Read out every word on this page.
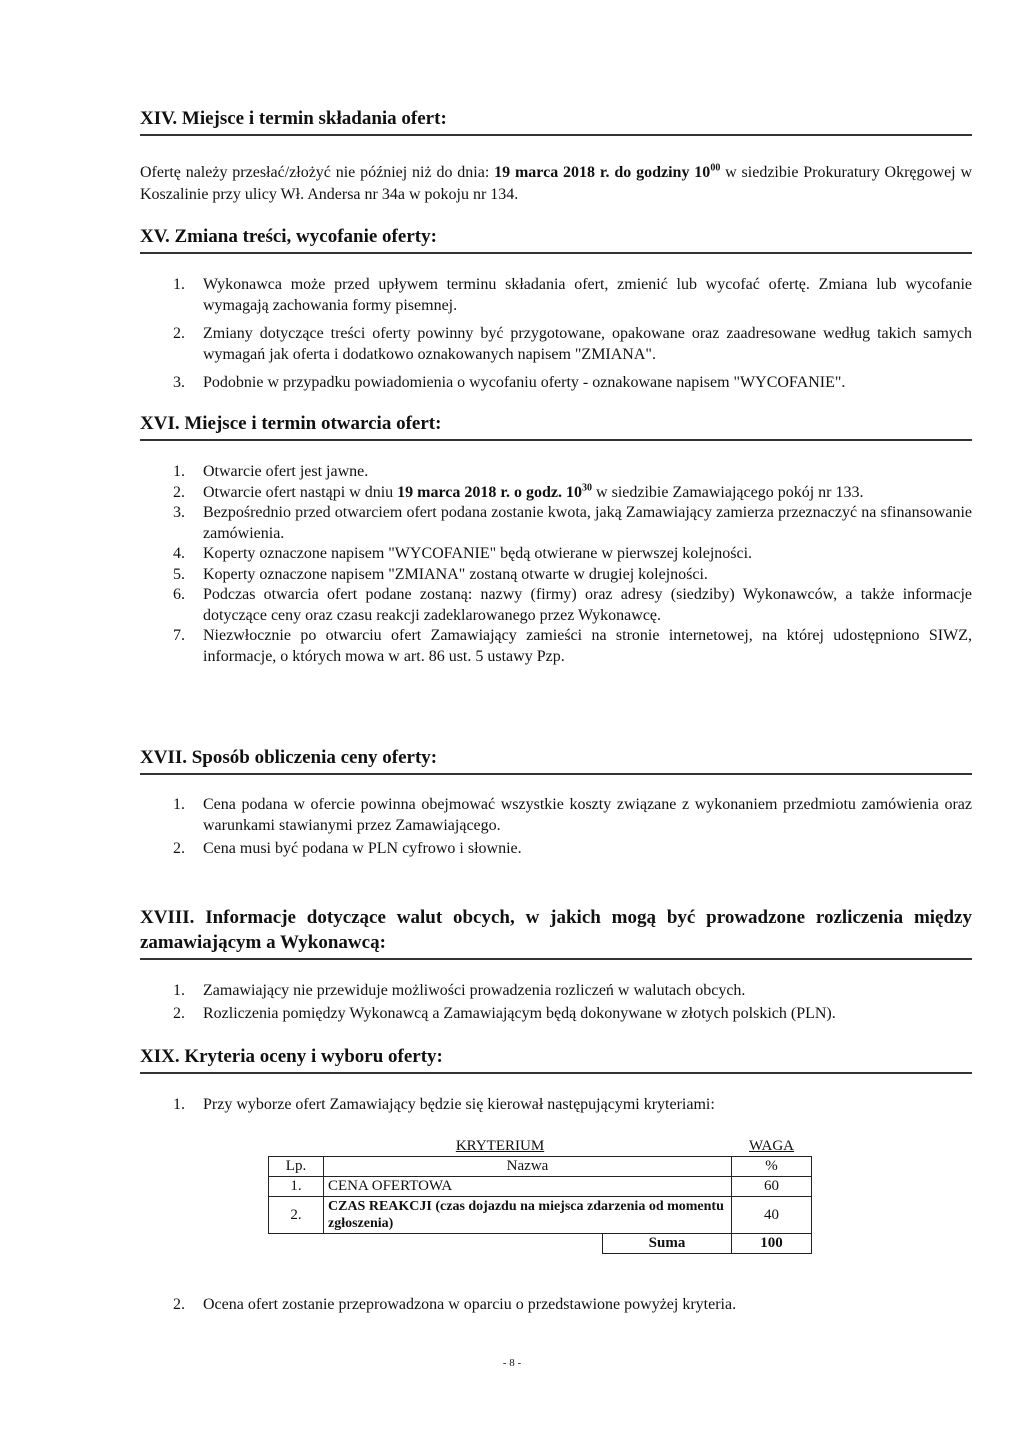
XIV. Miejsce i termin składania ofert:

Ofertę należy przesłać/złożyć nie później niż do dnia: 19 marca 2018 r. do godziny $10^{00}$ w siedzibie Prokuratury Okręgowej w Koszalinie przy ulicy Wł. Andersa nr 34a w pokoju nr 134.

XV. Zmiana treści, wycofanie oferty:
1. Wykonawca może przed upływem terminu składania ofert, zmienić lub wycofać ofertę. Zmiana lub wycofanie wymagają zachowania formy pisemnej.
2. Zmiany dotyczące treści oferty powinny być przygotowane, opakowane oraz zaadresowane według takich samych wymagań jak oferta i dodatkowo oznakowanych napisem "ZMIANA".
3. Podobnie w przypadku powiadomienia o wycofaniu oferty - oznakowane napisem "WYCOFANIE".
XVI. Miejsce i termin otwarcia ofert:
1. Otwarcie ofert jest jawne.
2. Otwarcie ofert nastąpi w dniu 19 marca 2018 r. o godz. $10^{30}$ w siedzibie Zamawiającego pokój nr 133.
3. Bezpośrednio przed otwarciem ofert podana zostanie kwota, jaką Zamawiający zamierza przeznaczyć na sfinansowanie zamówienia.
4. Koperty oznaczone napisem "WYCOFANIE" będą otwierane w pierwszej kolejności.
5. Koperty oznaczone napisem "ZMIANA" zostaną otwarte w drugiej kolejności.
6. Podczas otwarcia ofert podane zostaną: nazwy (firmy) oraz adresy (siedziby) Wykonawców, a także informacje dotyczące ceny oraz czasu reakcji zadeklarowanego przez Wykonawcę.
7. Niezwłocznie po otwarciu ofert Zamawiający zamieści na stronie internetowej, na której udostępniono SIWZ, informacje, o których mowa w art. 86 ust. 5 ustawy Pzp.
XVII. Sposób obliczenia ceny oferty:
1. Cena podana w ofercie powinna obejmować wszystkie koszty związane z wykonaniem przedmiotu zamówienia oraz warunkami stawianymi przez Zamawiającego.
2. Cena musi być podana w PLN cyfrowo i słownie.
XVIII. Informacje dotyczące walut obcych, w jakich mogą być prowadzone rozliczenia między zamawiającym a Wykonawcą:
1. Zamawiający nie przewiduje możliwości prowadzenia rozliczeń w walutach obcych.
2. Rozliczenia pomiędzy Wykonawcą a Zamawiającym będą dokonywane w złotych polskich (PLN).
XIX. Kryteria oceny i wyboru oferty:
1. Przy wyborze ofert Zamawiający będzie się kierował następującymi kryteriami:
KRYTERIUM			WAGA
Lp.	Nazwa		%
1.	CENA OFERTOWA		60
2.	CZAS REAKCJI (czas dojazdu na miejsca zdarzenia od momentu zgłoszenia)		40
		Suma	100
2. Ocena ofert zostanie przeprowadzona w oparciu o przedstawione powyżej kryteria.
- 8 -
